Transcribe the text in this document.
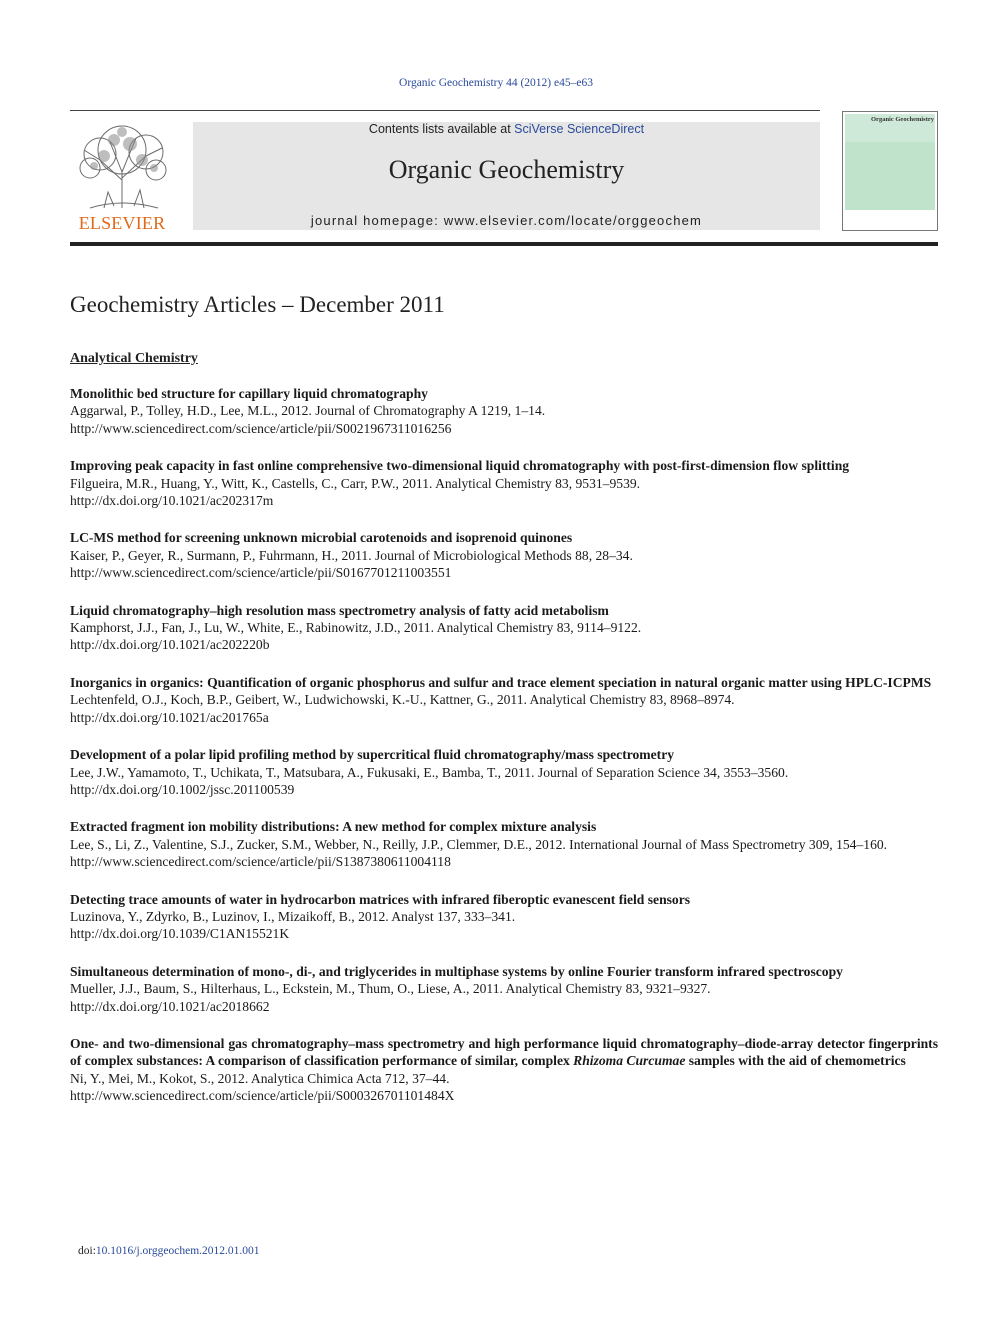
Organic Geochemistry 44 (2012) e45–e63
ELSEVIER
Contents lists available at SciVerse ScienceDirect
Organic Geochemistry
journal homepage: www.elsevier.com/locate/orggeochem
Organic Geochemistry
Geochemistry Articles – December 2011
Analytical Chemistry
Monolithic bed structure for capillary liquid chromatography
Aggarwal, P., Tolley, H.D., Lee, M.L., 2012. Journal of Chromatography A 1219, 1–14.
http://www.sciencedirect.com/science/article/pii/S0021967311016256
Improving peak capacity in fast online comprehensive two-dimensional liquid chromatography with post-first-dimension flow splitting
Filgueira, M.R., Huang, Y., Witt, K., Castells, C., Carr, P.W., 2011. Analytical Chemistry 83, 9531–9539.
http://dx.doi.org/10.1021/ac202317m
LC-MS method for screening unknown microbial carotenoids and isoprenoid quinones
Kaiser, P., Geyer, R., Surmann, P., Fuhrmann, H., 2011. Journal of Microbiological Methods 88, 28–34.
http://www.sciencedirect.com/science/article/pii/S0167701211003551
Liquid chromatography–high resolution mass spectrometry analysis of fatty acid metabolism
Kamphorst, J.J., Fan, J., Lu, W., White, E., Rabinowitz, J.D., 2011. Analytical Chemistry 83, 9114–9122.
http://dx.doi.org/10.1021/ac202220b
Inorganics in organics: Quantification of organic phosphorus and sulfur and trace element speciation in natural organic matter using HPLC-ICPMS
Lechtenfeld, O.J., Koch, B.P., Geibert, W., Ludwichowski, K.-U., Kattner, G., 2011. Analytical Chemistry 83, 8968–8974.
http://dx.doi.org/10.1021/ac201765a
Development of a polar lipid profiling method by supercritical fluid chromatography/mass spectrometry
Lee, J.W., Yamamoto, T., Uchikata, T., Matsubara, A., Fukusaki, E., Bamba, T., 2011. Journal of Separation Science 34, 3553–3560.
http://dx.doi.org/10.1002/jssc.201100539
Extracted fragment ion mobility distributions: A new method for complex mixture analysis
Lee, S., Li, Z., Valentine, S.J., Zucker, S.M., Webber, N., Reilly, J.P., Clemmer, D.E., 2012. International Journal of Mass Spectrometry 309, 154–160.
http://www.sciencedirect.com/science/article/pii/S1387380611004118
Detecting trace amounts of water in hydrocarbon matrices with infrared fiberoptic evanescent field sensors
Luzinova, Y., Zdyrko, B., Luzinov, I., Mizaikoff, B., 2012. Analyst 137, 333–341.
http://dx.doi.org/10.1039/C1AN15521K
Simultaneous determination of mono-, di-, and triglycerides in multiphase systems by online Fourier transform infrared spectroscopy
Mueller, J.J., Baum, S., Hilterhaus, L., Eckstein, M., Thum, O., Liese, A., 2011. Analytical Chemistry 83, 9321–9327.
http://dx.doi.org/10.1021/ac2018662
One- and two-dimensional gas chromatography–mass spectrometry and high performance liquid chromatography–diode-array detector fingerprints of complex substances: A comparison of classification performance of similar, complex Rhizoma Curcumae samples with the aid of chemometrics
Ni, Y., Mei, M., Kokot, S., 2012. Analytica Chimica Acta 712, 37–44.
http://www.sciencedirect.com/science/article/pii/S000326701101484X
doi:10.1016/j.orggeochem.2012.01.001
